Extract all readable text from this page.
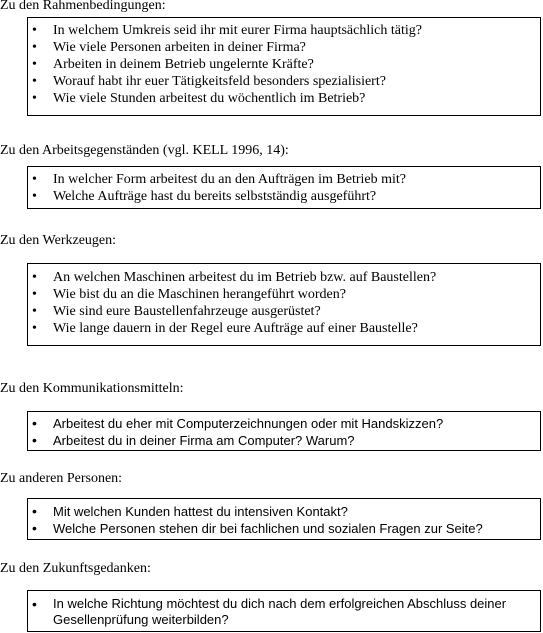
Zu den Rahmenbedingungen:
• In welchem Umkreis seid ihr mit eurer Firma hauptsächlich tätig?
• Wie viele Personen arbeiten in deiner Firma?
• Arbeiten in deinem Betrieb ungelernte Kräfte?
• Worauf habt ihr euer Tätigkeitsfeld besonders spezialisiert?
• Wie viele Stunden arbeitest du wöchentlich im Betrieb?
Zu den Arbeitsgegenständen (vgl. KELL 1996, 14):
• In welcher Form arbeitest du an den Aufträgen im Betrieb mit?
• Welche Aufträge hast du bereits selbstständig ausgeführt?
Zu den Werkzeugen:
• An welchen Maschinen arbeitest du im Betrieb bzw. auf Baustellen?
• Wie bist du an die Maschinen herangeführt worden?
• Wie sind eure Baustellenfahrzeuge ausgerüstet?
• Wie lange dauern in der Regel eure Aufträge auf einer Baustelle?
Zu den Kommunikationsmitteln:
• Arbeitest du eher mit Computerzeichnungen oder mit Handskizzen?
• Arbeitest du in deiner Firma am Computer? Warum?
Zu anderen Personen:
• Mit welchen Kunden hattest du intensiven Kontakt?
• Welche Personen stehen dir bei fachlichen und sozialen Fragen zur Seite?
Zu den Zukunftsgedanken:
• In welche Richtung möchtest du dich nach dem erfolgreichen Abschluss deiner Gesellenprüfung weiterbilden?
